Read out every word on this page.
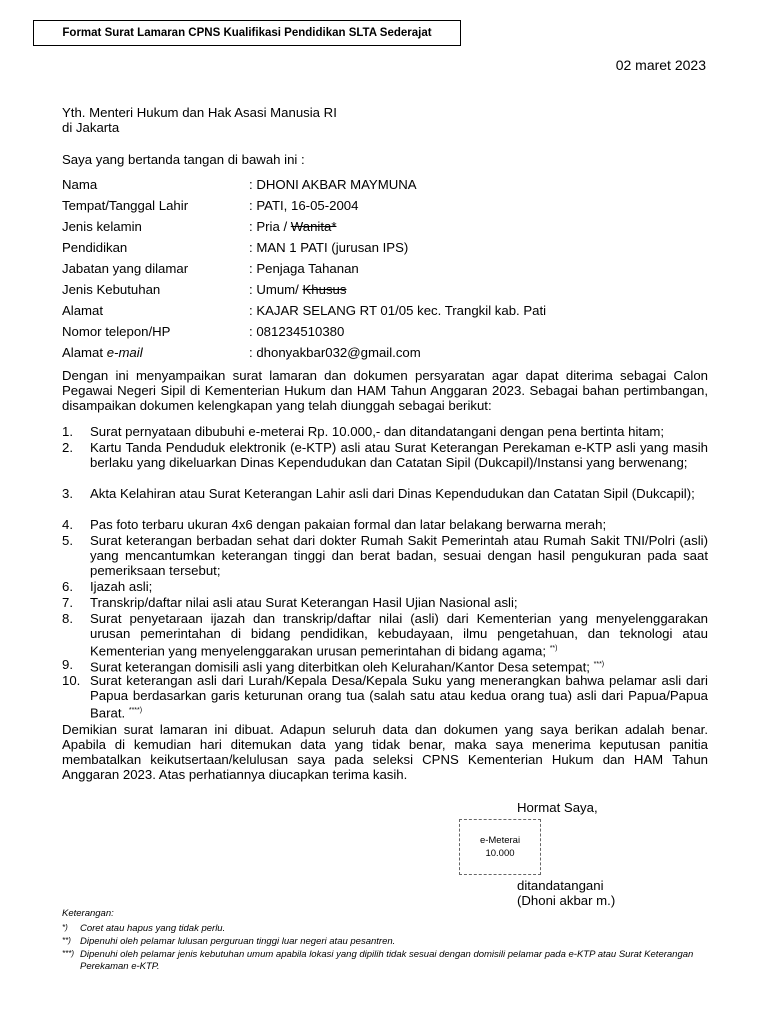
Format Surat Lamaran CPNS Kualifikasi Pendidikan SLTA Sederajat
02 maret 2023
Yth. Menteri Hukum dan Hak Asasi Manusia RI
di Jakarta
Saya yang bertanda tangan di bawah ini :
Nama	: DHONI AKBAR MAYMUNA
Tempat/Tanggal Lahir	: PATI, 16-05-2004
Jenis kelamin	: Pria / Wanita*
Pendidikan	: MAN 1 PATI (jurusan IPS)
Jabatan yang dilamar	: Penjaga Tahanan
Jenis Kebutuhan	: Umum/ Khusus
Alamat	: KAJAR SELANG RT 01/05 kec. Trangkil kab. Pati
Nomor telepon/HP	: 081234510380
Alamat e-mail	: dhonyakbar032@gmail.com
Dengan ini menyampaikan surat lamaran dan dokumen persyaratan agar dapat diterima sebagai Calon Pegawai Negeri Sipil di Kementerian Hukum dan HAM Tahun Anggaran 2023. Sebagai bahan pertimbangan, disampaikan dokumen kelengkapan yang telah diunggah sebagai berikut:
1.	Surat pernyataan dibubuhi e-meterai Rp. 10.000,- dan ditandatangani dengan pena bertinta hitam;
2.	Kartu Tanda Penduduk elektronik (e-KTP) asli atau Surat Keterangan Perekaman e-KTP asli yang masih berlaku yang dikeluarkan Dinas Kependudukan dan Catatan Sipil (Dukcapil)/Instansi yang berwenang;
3.	Akta Kelahiran atau Surat Keterangan Lahir asli dari Dinas Kependudukan dan Catatan Sipil (Dukcapil);
4.	Pas foto terbaru ukuran 4x6 dengan pakaian formal dan latar belakang berwarna merah;
5.	Surat keterangan berbadan sehat dari dokter Rumah Sakit Pemerintah atau Rumah Sakit TNI/Polri (asli) yang mencantumkan keterangan tinggi dan berat badan, sesuai dengan hasil pengukuran pada saat pemeriksaan tersebut;
6.	Ijazah asli;
7.	Transkrip/daftar nilai asli atau Surat Keterangan Hasil Ujian Nasional asli;
8.	Surat penyetaraan ijazah dan transkrip/daftar nilai (asli) dari Kementerian yang menyelenggarakan urusan pemerintahan di bidang pendidikan, kebudayaan, ilmu pengetahuan, dan teknologi atau Kementerian yang menyelenggarakan urusan pemerintahan di bidang agama; **)
9.	Surat keterangan domisili asli yang diterbitkan oleh Kelurahan/Kantor Desa setempat; ***)
10. Surat keterangan asli dari Lurah/Kepala Desa/Kepala Suku yang menerangkan bahwa pelamar asli dari Papua berdasarkan garis keturunan orang tua (salah satu atau kedua orang tua) asli dari Papua/Papua Barat. ****)
Demikian surat lamaran ini dibuat. Adapun seluruh data dan dokumen yang saya berikan adalah benar. Apabila di kemudian hari ditemukan data yang tidak benar, maka saya menerima keputusan panitia membatalkan keikutsertaan/kelulusan saya pada seleksi CPNS Kementerian Hukum dan HAM Tahun Anggaran 2023. Atas perhatiannya diucapkan terima kasih.
Hormat Saya,
e-Meterai
10.000
ditandatangani
(Dhoni akbar m.)
Keterangan:
*) Coret atau hapus yang tidak perlu.
**) Dipenuhi oleh pelamar lulusan perguruan tinggi luar negeri atau pesantren.
***) Dipenuhi oleh pelamar jenis kebutuhan umum apabila lokasi yang dipilih tidak sesuai dengan domisili pelamar pada e-KTP atau Surat Keterangan Perekaman e-KTP.
